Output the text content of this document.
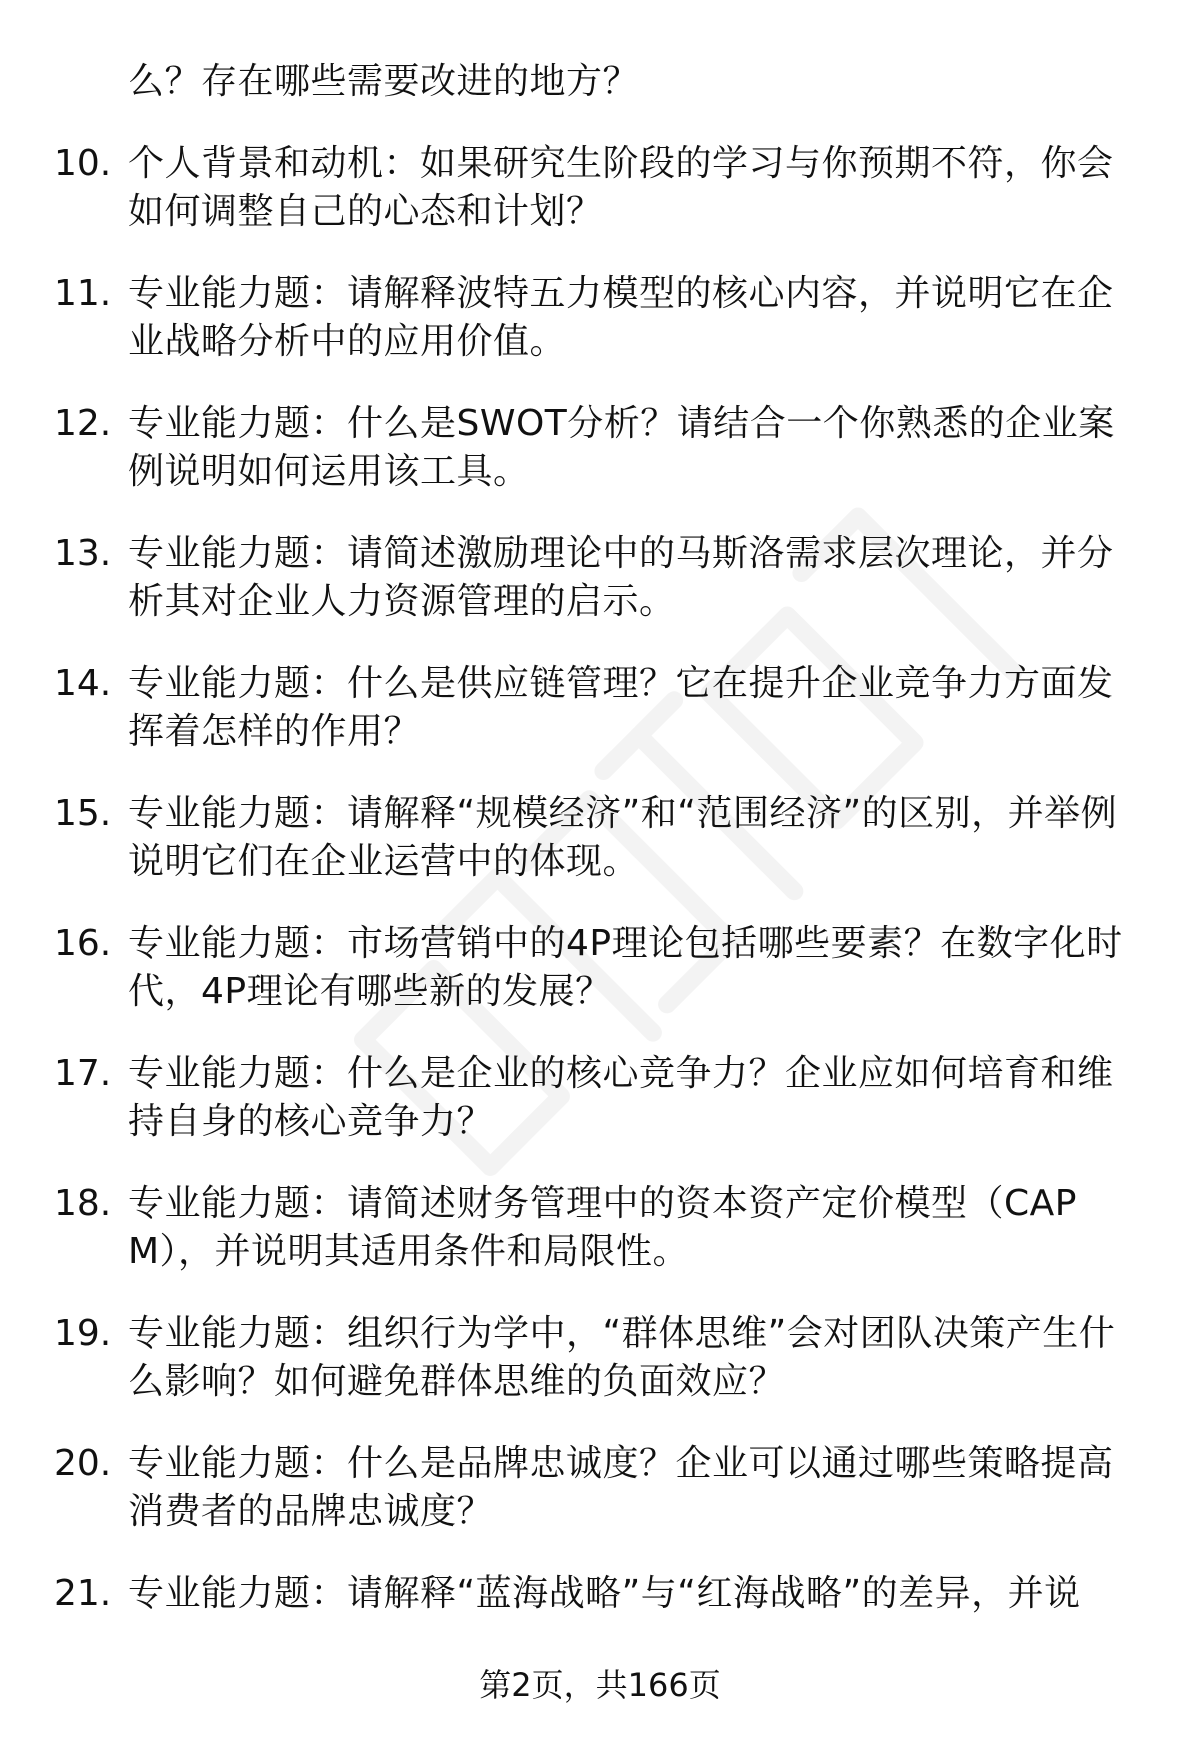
么？存在哪些需要改进的地方？
10. 个人背景和动机：如果研究生阶段的学习与你预期不符，你会如何调整自己的心态和计划？
11. 专业能力题：请解释波特五力模型的核心内容，并说明它在企业战略分析中的应用价值。
12. 专业能力题：什么是SWOT分析？请结合一个你熟悉的企业案例说明如何运用该工具。
13. 专业能力题：请简述激励理论中的马斯洛需求层次理论，并分析其对企业人力资源管理的启示。
14. 专业能力题：什么是供应链管理？它在提升企业竞争力方面发挥着怎样的作用？
15. 专业能力题：请解释“规模经济”和“范围经济”的区别，并举例说明它们在企业运营中的体现。
16. 专业能力题：市场营销中的4P理论包括哪些要素？在数字化时代，4P理论有哪些新的发展？
17. 专业能力题：什么是企业的核心竞争力？企业应如何培育和维持自身的核心竞争力？
18. 专业能力题：请简述财务管理中的资本资产定价模型（CAPM），并说明其适用条件和局限性。
19. 专业能力题：组织行为学中，“群体思维”会对团队决策产生什么影响？如何避免群体思维的负面效应？
20. 专业能力题：什么是品牌忠诚度？企业可以通过哪些策略提高消费者的品牌忠诚度？
21. 专业能力题：请解释“蓝海战略”与“红海战略”的差异，并说
第2页，共166页
